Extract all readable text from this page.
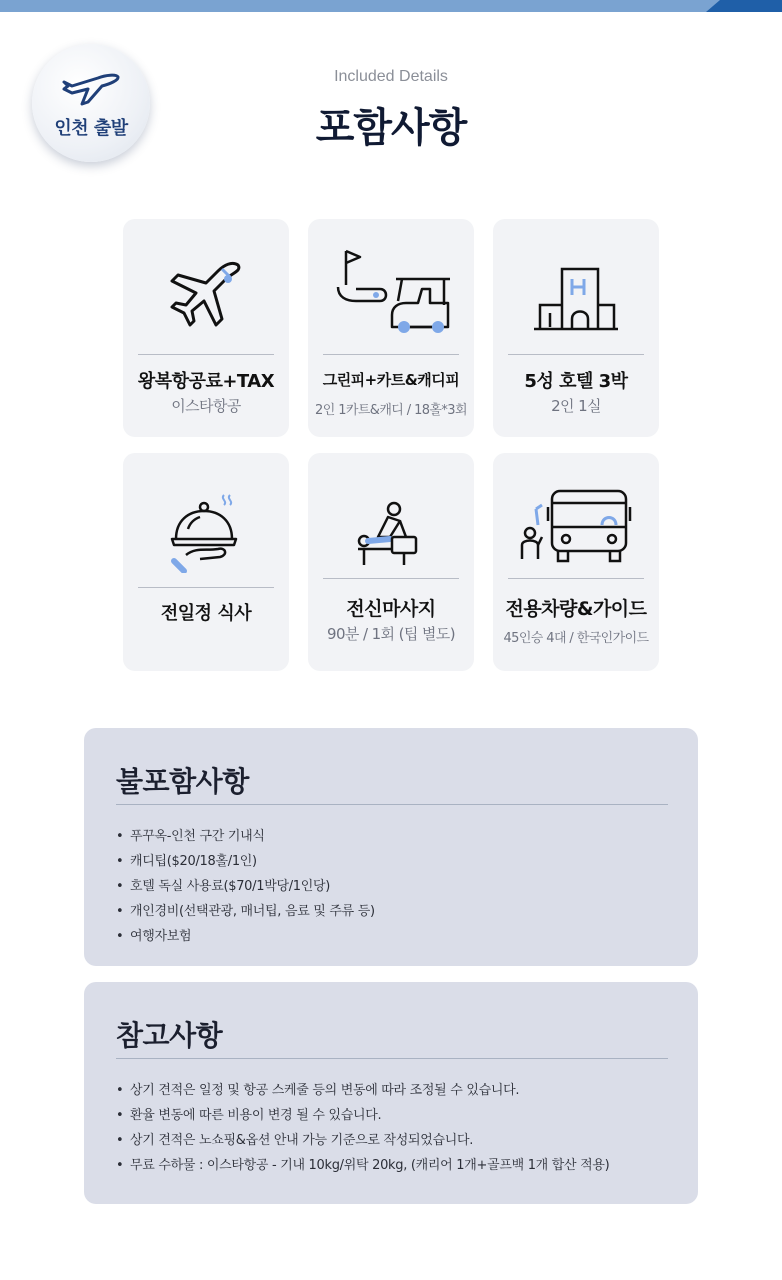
인천 출발
Included Details
포함사항
왕복항공료+TAX
이스타항공
그린피+카트&캐디피
2인 1카트&캐디 / 18홀*3회
5성 호텔 3박
2인 1실
전일정 식사	전신마사지
90분 / 1회 (팁 별도)
전용차량&가이드
45인승 4대 / 한국인가이드
불포함사항
• 푸꾸옥-인천 구간 기내식
• 캐디팁($20/18홀/1인)
• 호텔 독실 사용료($70/1박당/1인당)
• 개인경비(선택관광, 매너팁, 음료 및 주류 등)
• 여행자보험
참고사항
• 상기 견적은 일정 및 항공 스케줄 등의 변동에 따라 조정될 수 있습니다.
• 환율 변동에 따른 비용이 변경 될 수 있습니다.
• 상기 견적은 노쇼핑&옵션 안내 가능 기준으로 작성되었습니다.
• 무료 수하물 : 이스타항공 - 기내 10kg/위탁 20kg, (캐리어 1개+골프백 1개 합산 적용)
